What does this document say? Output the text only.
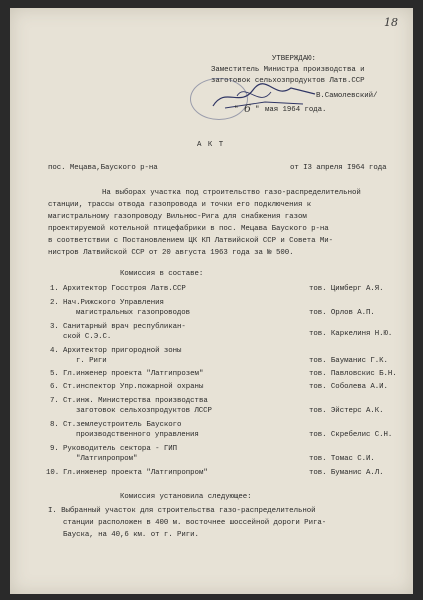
18
УТВЕРЖДАЮ:
Заместитель Министра производства и
заготовок сельхозпродуктов Латв.ССР
В.Самолевский/
" 6 " мая 1964 года.
А К Т
пос. Мецава,Бауского р-на	от I3 апреля I964 года
На выборах участка под строительство газо-распределительной
станции, трассы отвода газопровода и точки его подключения к
магистральному газопроводу Вильнюс-Рига для снабжения газом
проектируемой котельной птицефабрики в пос. Мецава Бауского р-на
в соответствии с Постановлением ЦК КП Латвийской ССР и Совета Ми-
нистров Латвийской ССР от 20 августа 1963 года за № 500.
Комиссия в составе:
1. Архитектор Госстроя Латв.ССР	тов. Цимберг А.Я.
2. Нач.Рижского Управления
магистральных газопроводов	тов. Орлов А.П.
3. Санитарный врач республикан-
ской С.Э.С.	тов. Каркелиня Н.Ю.
4. Архитектор пригородной зоны
г. Риги	тов. Бауманис Г.К.
5. Гл.инженер проекта "Латгипрозем"	тов. Павловскис Б.Н.
6. Ст.инспектор Упр.пожарной охраны	тов. Соболева А.И.
7. Ст.инж. Министерства производства
заготовок сельхозпродуктов ЛССР	тов. Эйстерс А.К.
8. Ст.землеустроитель Бауского
производственного управления	тов. Скребелис С.Н.
9. Руководитель сектора - ГИП
"Латгипропром"	тов. Томас С.И.
10. Гл.инженер проекта "Латгипропром"	тов. Буманис А.Л.
Комиссия установила следующее:
I. Выбранный участок для строительства газо-распределительной
станции расположен в 400 м. восточнее шоссейной дороги Рига-
Бауска, на 40,6 км. от г. Риги.
